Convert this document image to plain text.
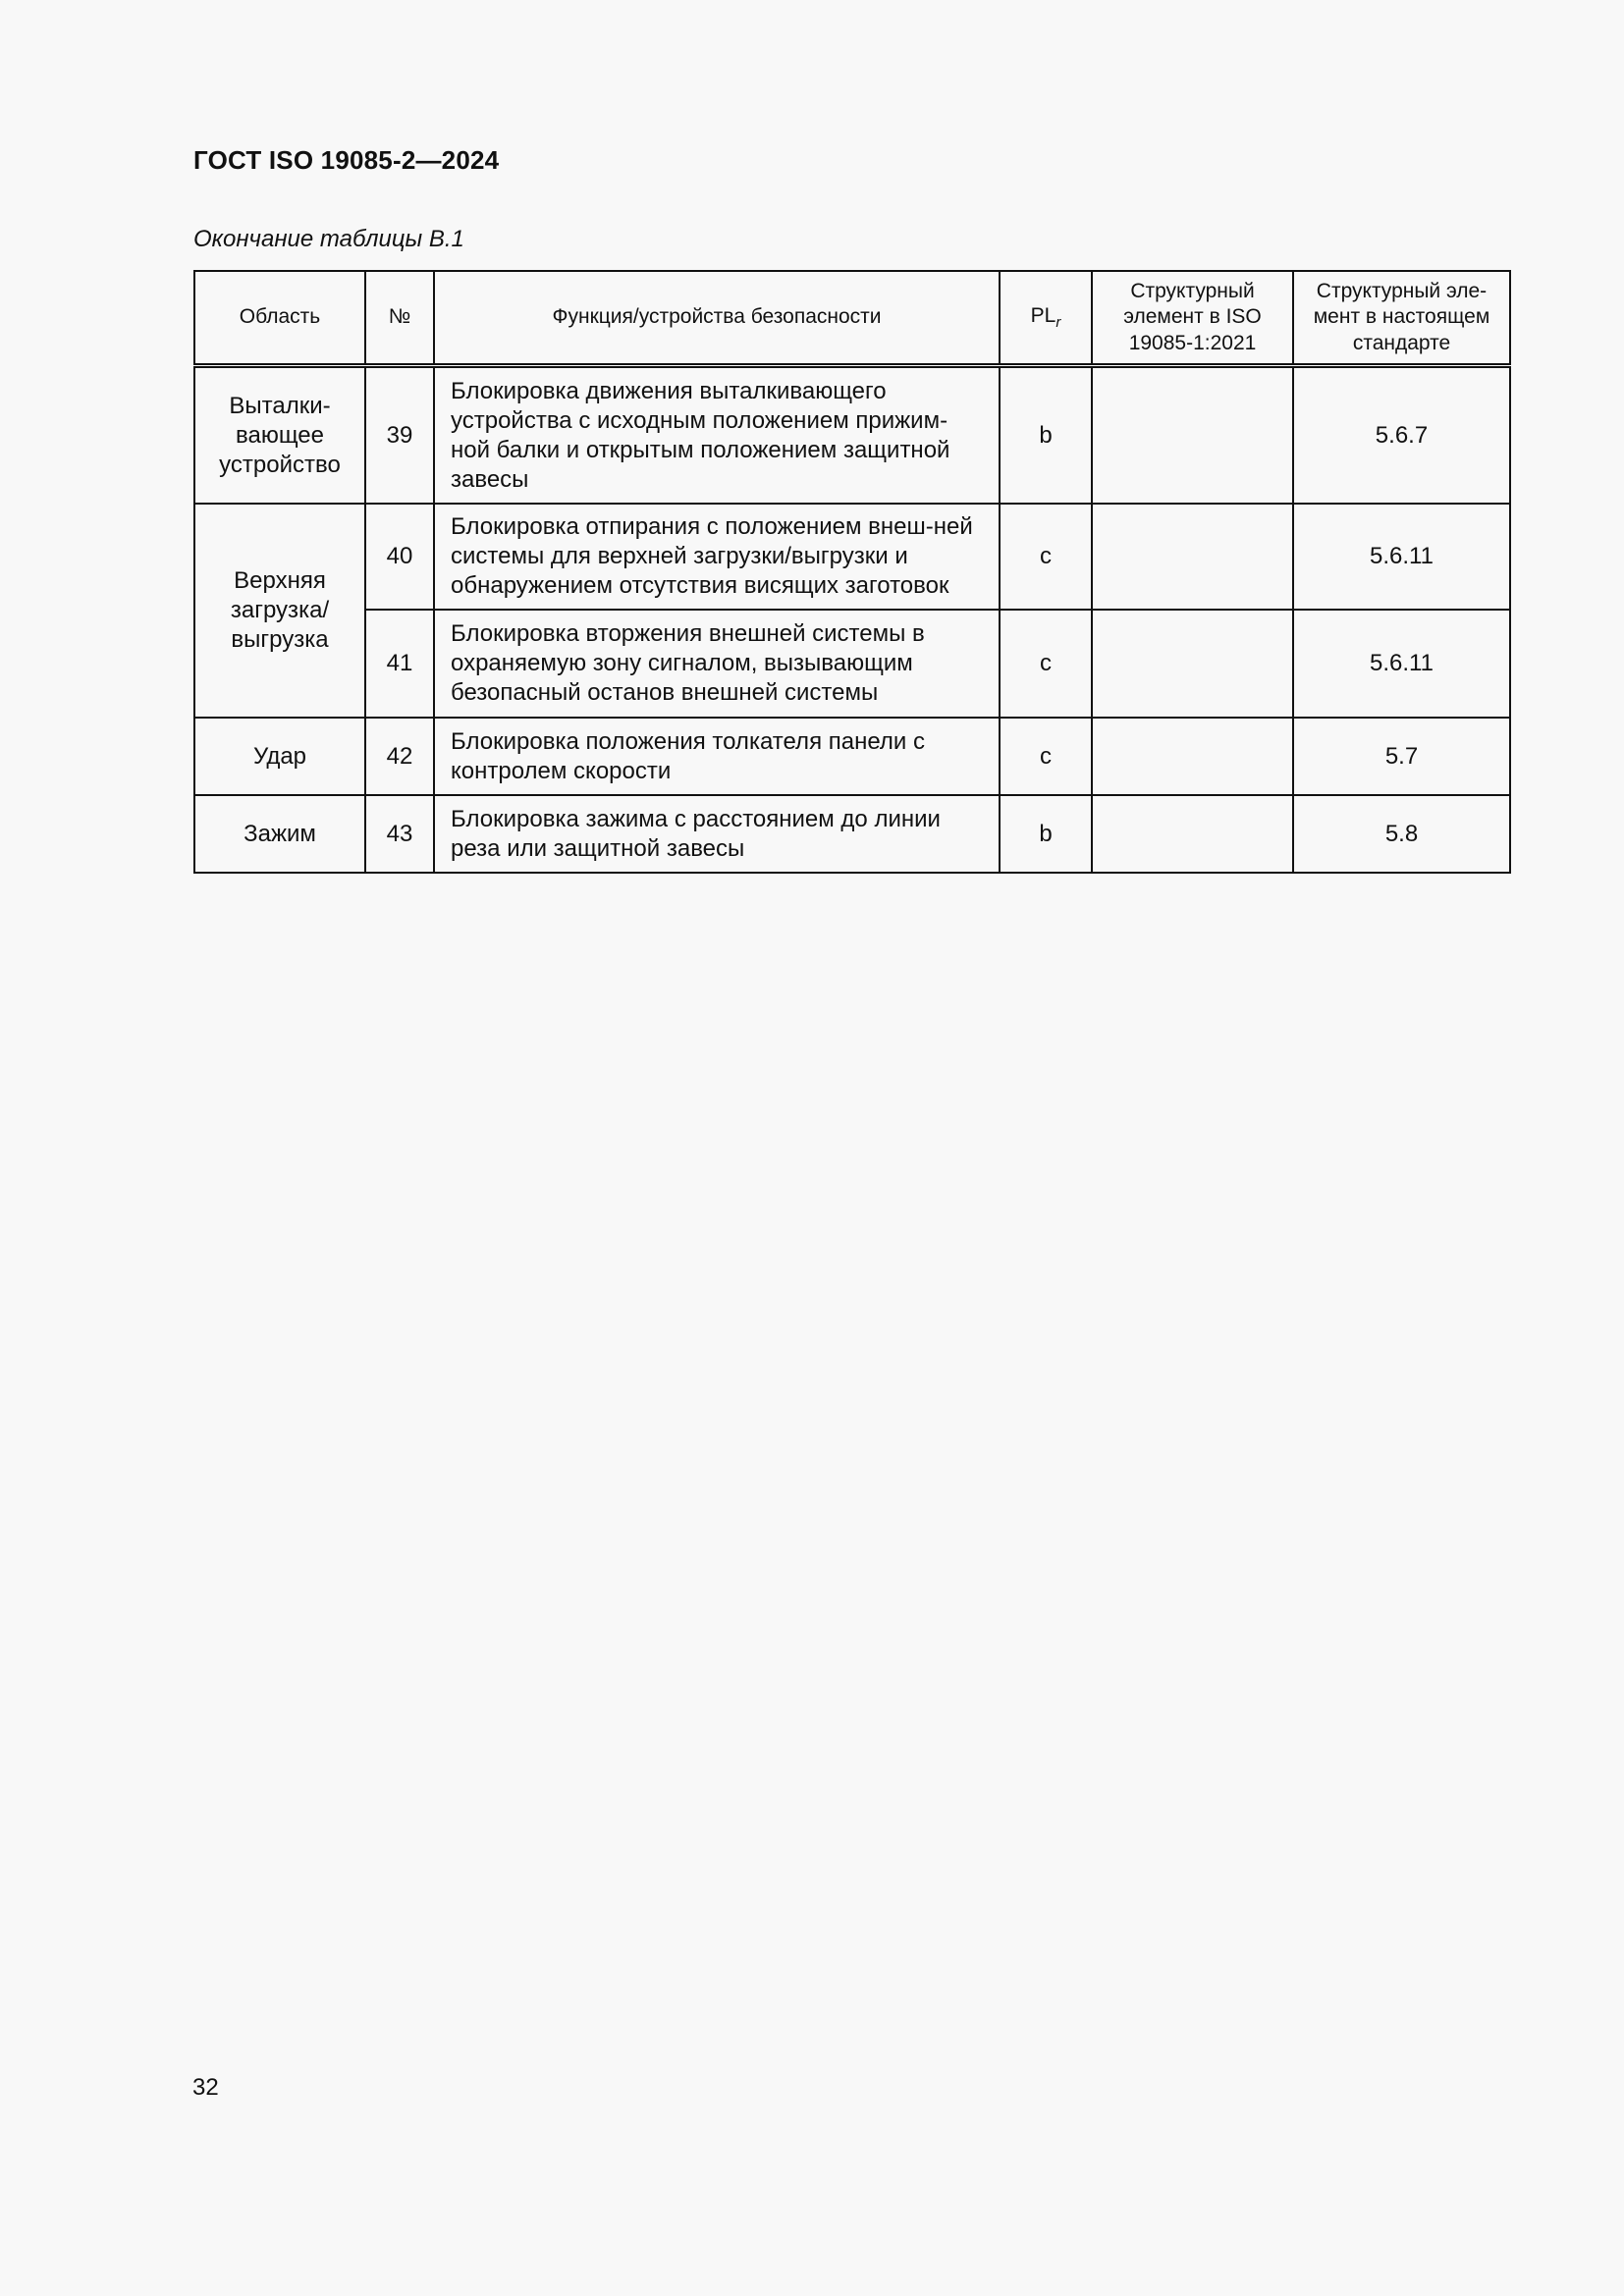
ГОСТ ISO 19085-2—2024
Окончание таблицы B.1
Область	№	Функция/устройства безопасности	$PL_r$	Структурный элемент в ISO 19085-1:2021	Структурный эле-мент в настоящем стандарте

Выталки-вающее устройство	39	Блокировка движения выталкивающего устройства с исходным положением прижим-ной балки и открытым положением защитной завесы	b		5.6.7

Верхняя загрузка/ выгрузка	40	Блокировка отпирания с положением внеш-ней системы для верхней загрузки/выгрузки и обнаружением отсутствия висящих заготовок	c		5.6.11
	41	Блокировка вторжения внешней системы в охраняемую зону сигналом, вызывающим безопасный останов внешней системы	c		5.6.11
Удар	42	Блокировка положения толкателя панели с контролем скорости	c		5.7
Зажим	43	Блокировка зажима с расстоянием до линии реза или защитной завесы	b		5.8
32
